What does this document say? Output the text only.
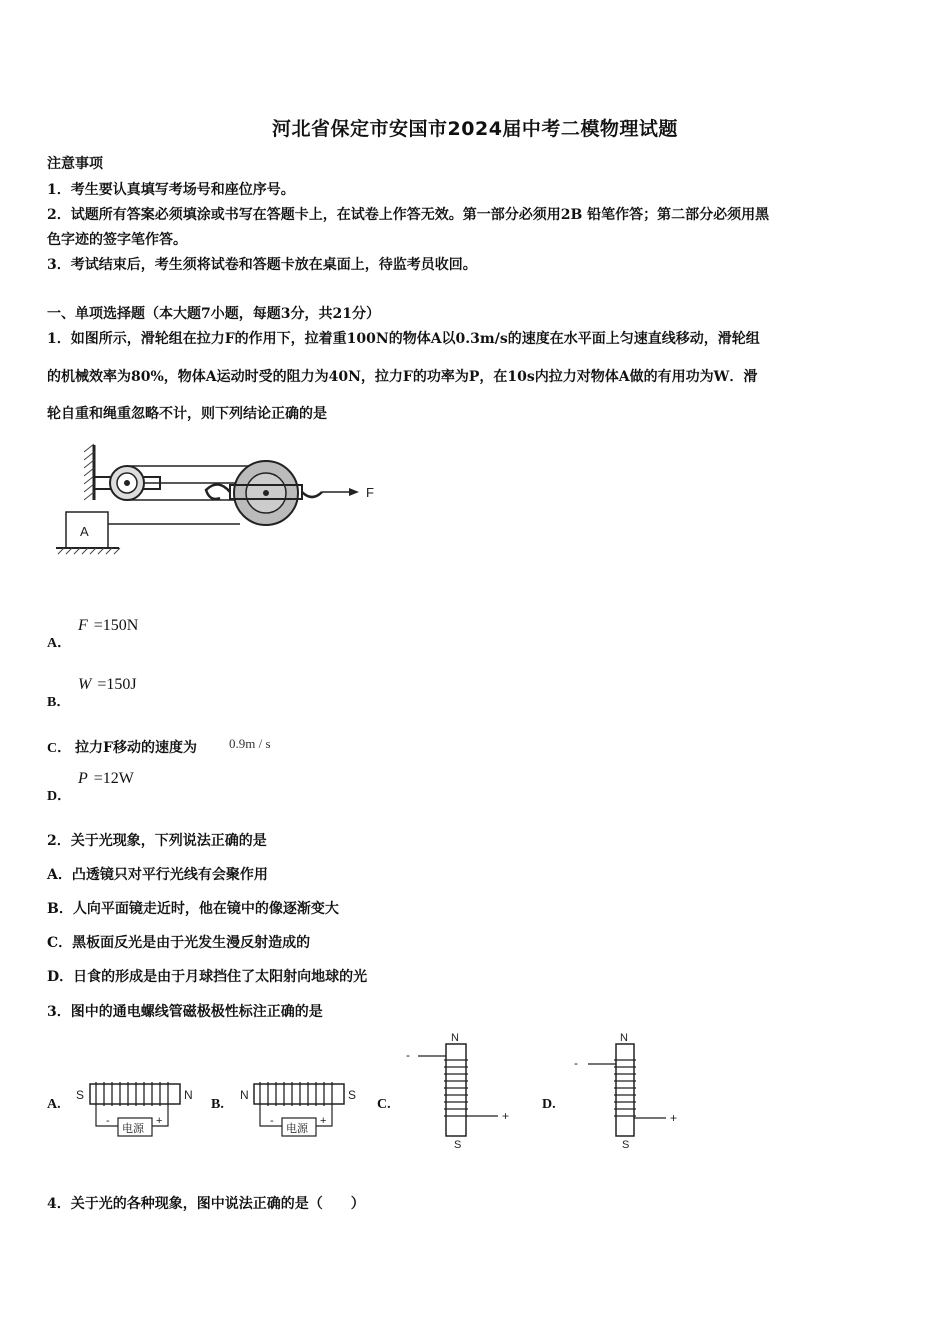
河北省保定市安国市2024届中考二模物理试题
注意事项
1．考生要认真填写考场号和座位序号。
2．试题所有答案必须填涂或书写在答题卡上，在试卷上作答无效。第一部分必须用2B 铅笔作答；第二部分必须用黑
色字迹的签字笔作答。
3．考试结束后，考生须将试卷和答题卡放在桌面上，待监考员收回。
一、单项选择题（本大题7小题，每题3分，共21分）
1．如图所示，滑轮组在拉力F的作用下，拉着重100N的物体A以0.3m/s的速度在水平面上匀速直线移动，滑轮组
的机械效率为80%，物体A运动时受的阻力为40N，拉力F的功率为P，在10s内拉力对物体A做的有用功为W．滑
轮自重和绳重忽略不计，则下列结论正确的是
F
A
A．
F =150N
B．
W =150J
C． 拉力F移动的速度为 0.9m / s
D．
P =12W
2．关于光现象，下列说法正确的是
A．凸透镜只对平行光线有会聚作用
B．人向平面镜走近时，他在镜中的像逐渐变大
C．黑板面反光是由于光发生漫反射造成的
D．日食的形成是由于月球挡住了太阳射向地球的光
3．图中的通电螺线管磁极极性标注正确的是
A.
S	N
电源
-	+
B.
N	S
电源
-	+
C.
N
S
-
+
D.
N
S
-
+
4．关于光的各种现象，图中说法正确的是（　　）
